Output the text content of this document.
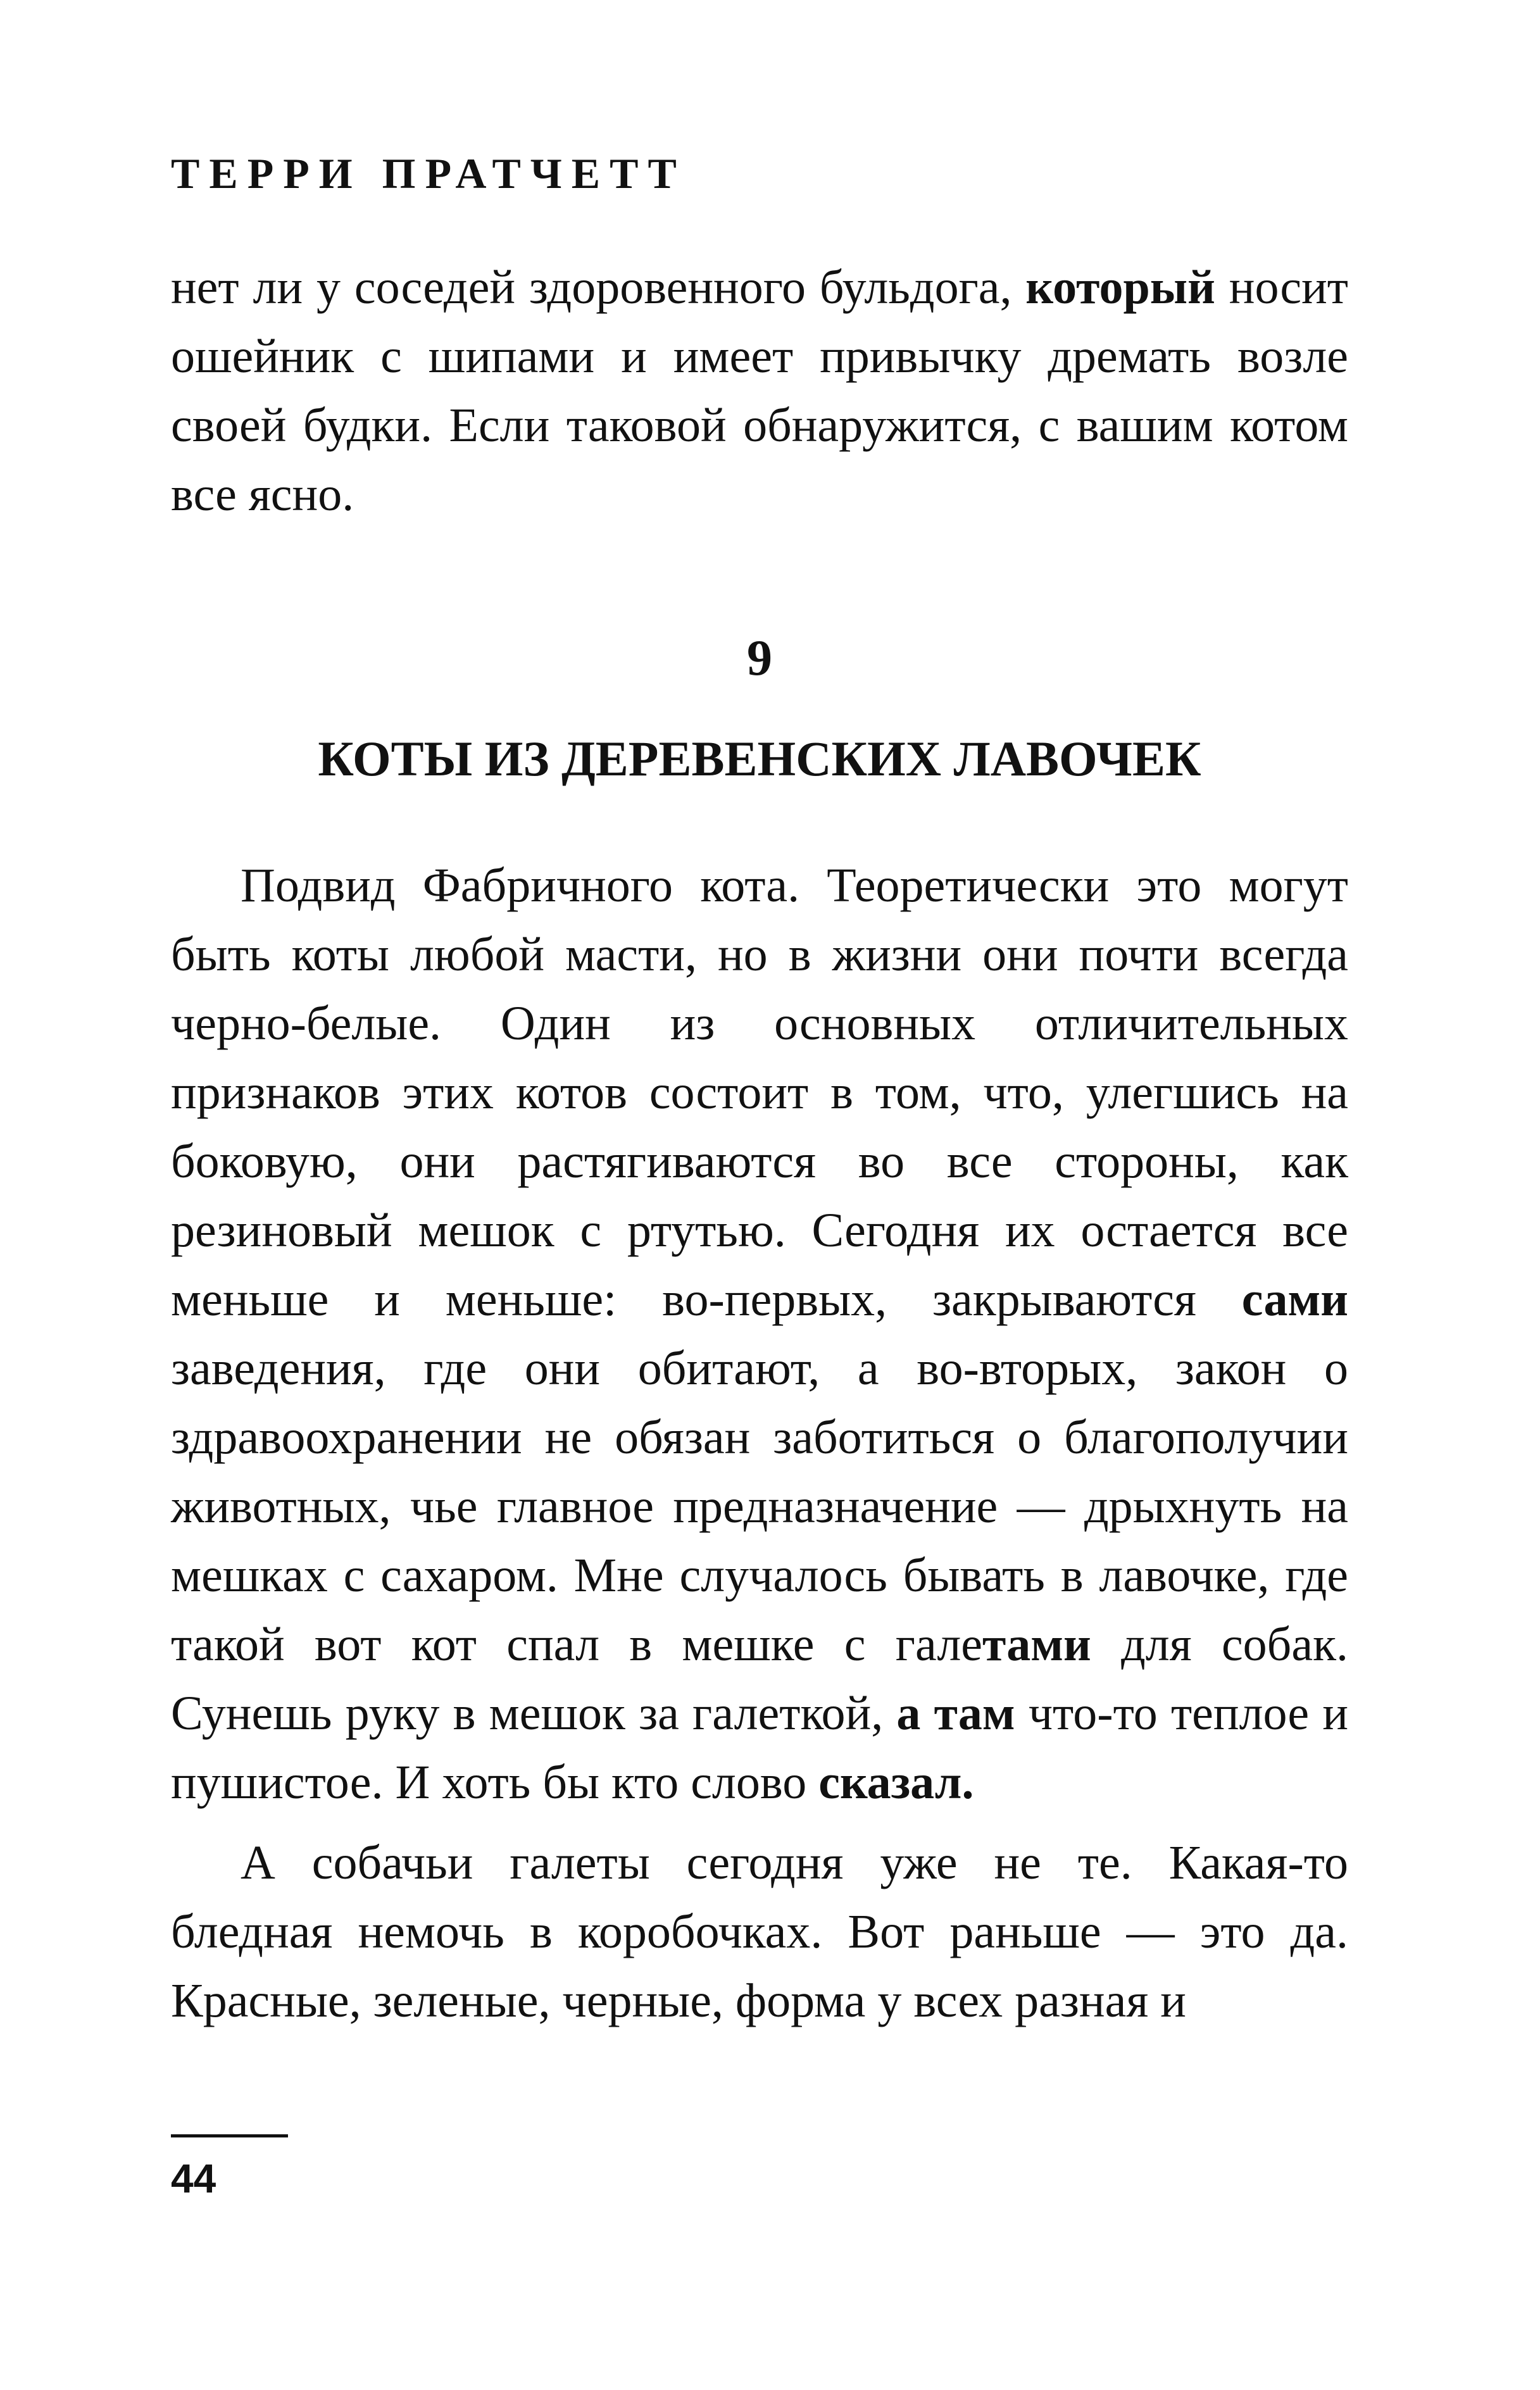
ТЕРРИ ПРАТЧЕТТ

нет ли у соседей здоровенного бульдога, который носит ошейник с шипами и имеет привычку дремать возле своей будки. Если таковой обнаружится, с вашим котом все ясно.

9
КОТЫ ИЗ ДЕРЕВЕНСКИХ ЛАВОЧЕК

Подвид Фабричного кота. Теоретически это могут быть коты любой масти, но в жизни они почти всегда черно-белые. Один из основных отличительных признаков этих котов состоит в том, что, улегшись на боковую, они растягиваются во все стороны, как резиновый мешок с ртутью. Сегодня их остается все меньше и меньше: во-первых, закрываются сами заведения, где они обитают, а во-вторых, закон о здравоохранении не обязан заботиться о благополучии животных, чье главное предназначение — дрыхнуть на мешках с сахаром. Мне случалось бывать в лавочке, где такой вот кот спал в мешке с галетами для собак. Сунешь руку в мешок за галеткой, а там что-то теплое и пушистое. И хоть бы кто слово сказал.

А собачьи галеты сегодня уже не те. Какая-то бледная немочь в коробочках. Вот раньше — это да. Красные, зеленые, черные, форма у всех разная и

44
